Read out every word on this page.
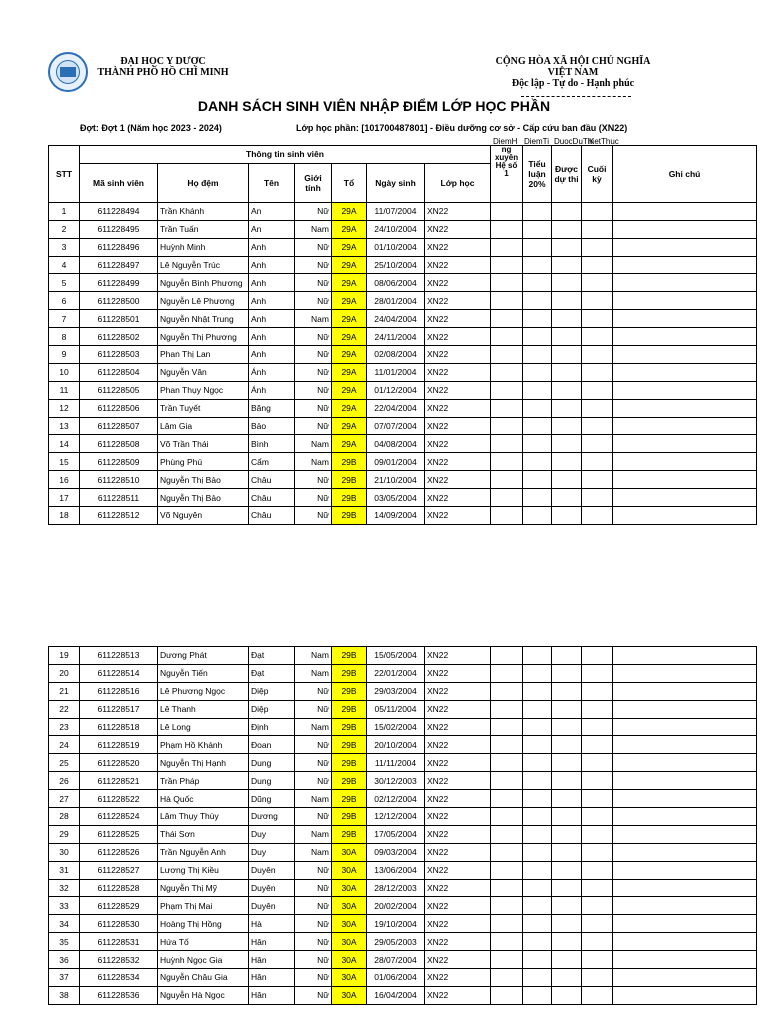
ĐẠI HỌC Y DƯỢC
THÀNH PHỐ HỒ CHÍ MINH
CỘNG HÒA XÃ HỘI CHỦ NGHĨA
VIỆT NAM
Độc lập - Tự do - Hạnh phúc
DANH SÁCH SINH VIÊN NHẬP ĐIỂM LỚP HỌC PHẦN
Đợt: Đợt 1 (Năm học 2023 - 2024)	Lớp học phần: [101700487801] - Điều dưỡng cơ sở - Cấp cứu ban đầu (XN22)
DiemH DiemTi DuocDuThi
KetThuc
STT	Thông tin sinh viên							ng xuyên Hệ số 1	Tiểu luận 20%	Được dự thi	Cuối kỳ	Ghi chú
	Mã sinh viên	Họ đệm	Tên	Giới tính	Tổ	Ngày sinh	Lớp học					
1	611228494	Trần Khánh	An	Nữ	29A	11/07/2004	XN22					
2	611228495	Trần Tuấn	An	Nam	29A	24/10/2004	XN22					
3	611228496	Huỳnh Minh	Anh	Nữ	29A	01/10/2004	XN22					
4	611228497	Lê Nguyễn Trúc	Anh	Nữ	29A	25/10/2004	XN22					
5	611228499	Nguyễn Bình Phương	Anh	Nữ	29A	08/06/2004	XN22					
6	611228500	Nguyễn Lê Phương	Anh	Nữ	29A	28/01/2004	XN22					
7	611228501	Nguyễn Nhật Trung	Anh	Nam	29A	24/04/2004	XN22					
8	611228502	Nguyễn Thị Phương	Anh	Nữ	29A	24/11/2004	XN22					
9	611228503	Phan Thị Lan	Anh	Nữ	29A	02/08/2004	XN22					
10	611228504	Nguyễn Vân	Ánh	Nữ	29A	11/01/2004	XN22					
11	611228505	Phan Thụy Ngọc	Ánh	Nữ	29A	01/12/2004	XN22					
12	611228506	Trần Tuyết	Băng	Nữ	29A	22/04/2004	XN22					
13	611228507	Lâm Gia	Bảo	Nữ	29A	07/07/2004	XN22					
14	611228508	Võ Trần Thái	Bình	Nam	29A	04/08/2004	XN22					
15	611228509	Phùng Phú	Cẩm	Nam	29B	09/01/2004	XN22					
16	611228510	Nguyễn Thị Bảo	Châu	Nữ	29B	21/10/2004	XN22					
17	611228511	Nguyễn Thị Bảo	Châu	Nữ	29B	03/05/2004	XN22					
18	611228512	Võ Nguyên	Châu	Nữ	29B	14/09/2004	XN22					
19	611228513	Dương Phát	Đạt	Nam	29B	15/05/2004	XN22					
20	611228514	Nguyễn Tiến	Đạt	Nam	29B	22/01/2004	XN22					
21	611228516	Lê Phương Ngọc	Diệp	Nữ	29B	29/03/2004	XN22					
22	611228517	Lê Thanh	Diệp	Nữ	29B	05/11/2004	XN22					
23	611228518	Lê Long	Định	Nam	29B	15/02/2004	XN22					
24	611228519	Phạm Hồ Khánh	Đoan	Nữ	29B	20/10/2004	XN22					
25	611228520	Nguyễn Thị Hạnh	Dung	Nữ	29B	11/11/2004	XN22					
26	611228521	Trần Pháp	Dung	Nữ	29B	30/12/2003	XN22					
27	611228522	Hà Quốc	Dũng	Nam	29B	02/12/2004	XN22					
28	611228524	Lâm Thụy Thùy	Dương	Nữ	29B	12/12/2004	XN22					
29	611228525	Thái Sơn	Duy	Nam	29B	17/05/2004	XN22					
30	611228526	Trần Nguyễn Anh	Duy	Nam	30A	09/03/2004	XN22					
31	611228527	Lương Thị Kiều	Duyên	Nữ	30A	13/06/2004	XN22					
32	611228528	Nguyễn Thị Mỹ	Duyên	Nữ	30A	28/12/2003	XN22					
33	611228529	Phạm Thị Mai	Duyên	Nữ	30A	20/02/2004	XN22					
34	611228530	Hoàng Thị Hồng	Hà	Nữ	30A	19/10/2004	XN22					
35	611228531	Hứa Tố	Hân	Nữ	30A	29/05/2003	XN22					
36	611228532	Huỳnh Ngọc Gia	Hân	Nữ	30A	28/07/2004	XN22					
37	611228534	Nguyễn Châu Gia	Hân	Nữ	30A	01/06/2004	XN22					
38	611228536	Nguyễn Hà Ngọc	Hân	Nữ	30A	16/04/2004	XN22					
